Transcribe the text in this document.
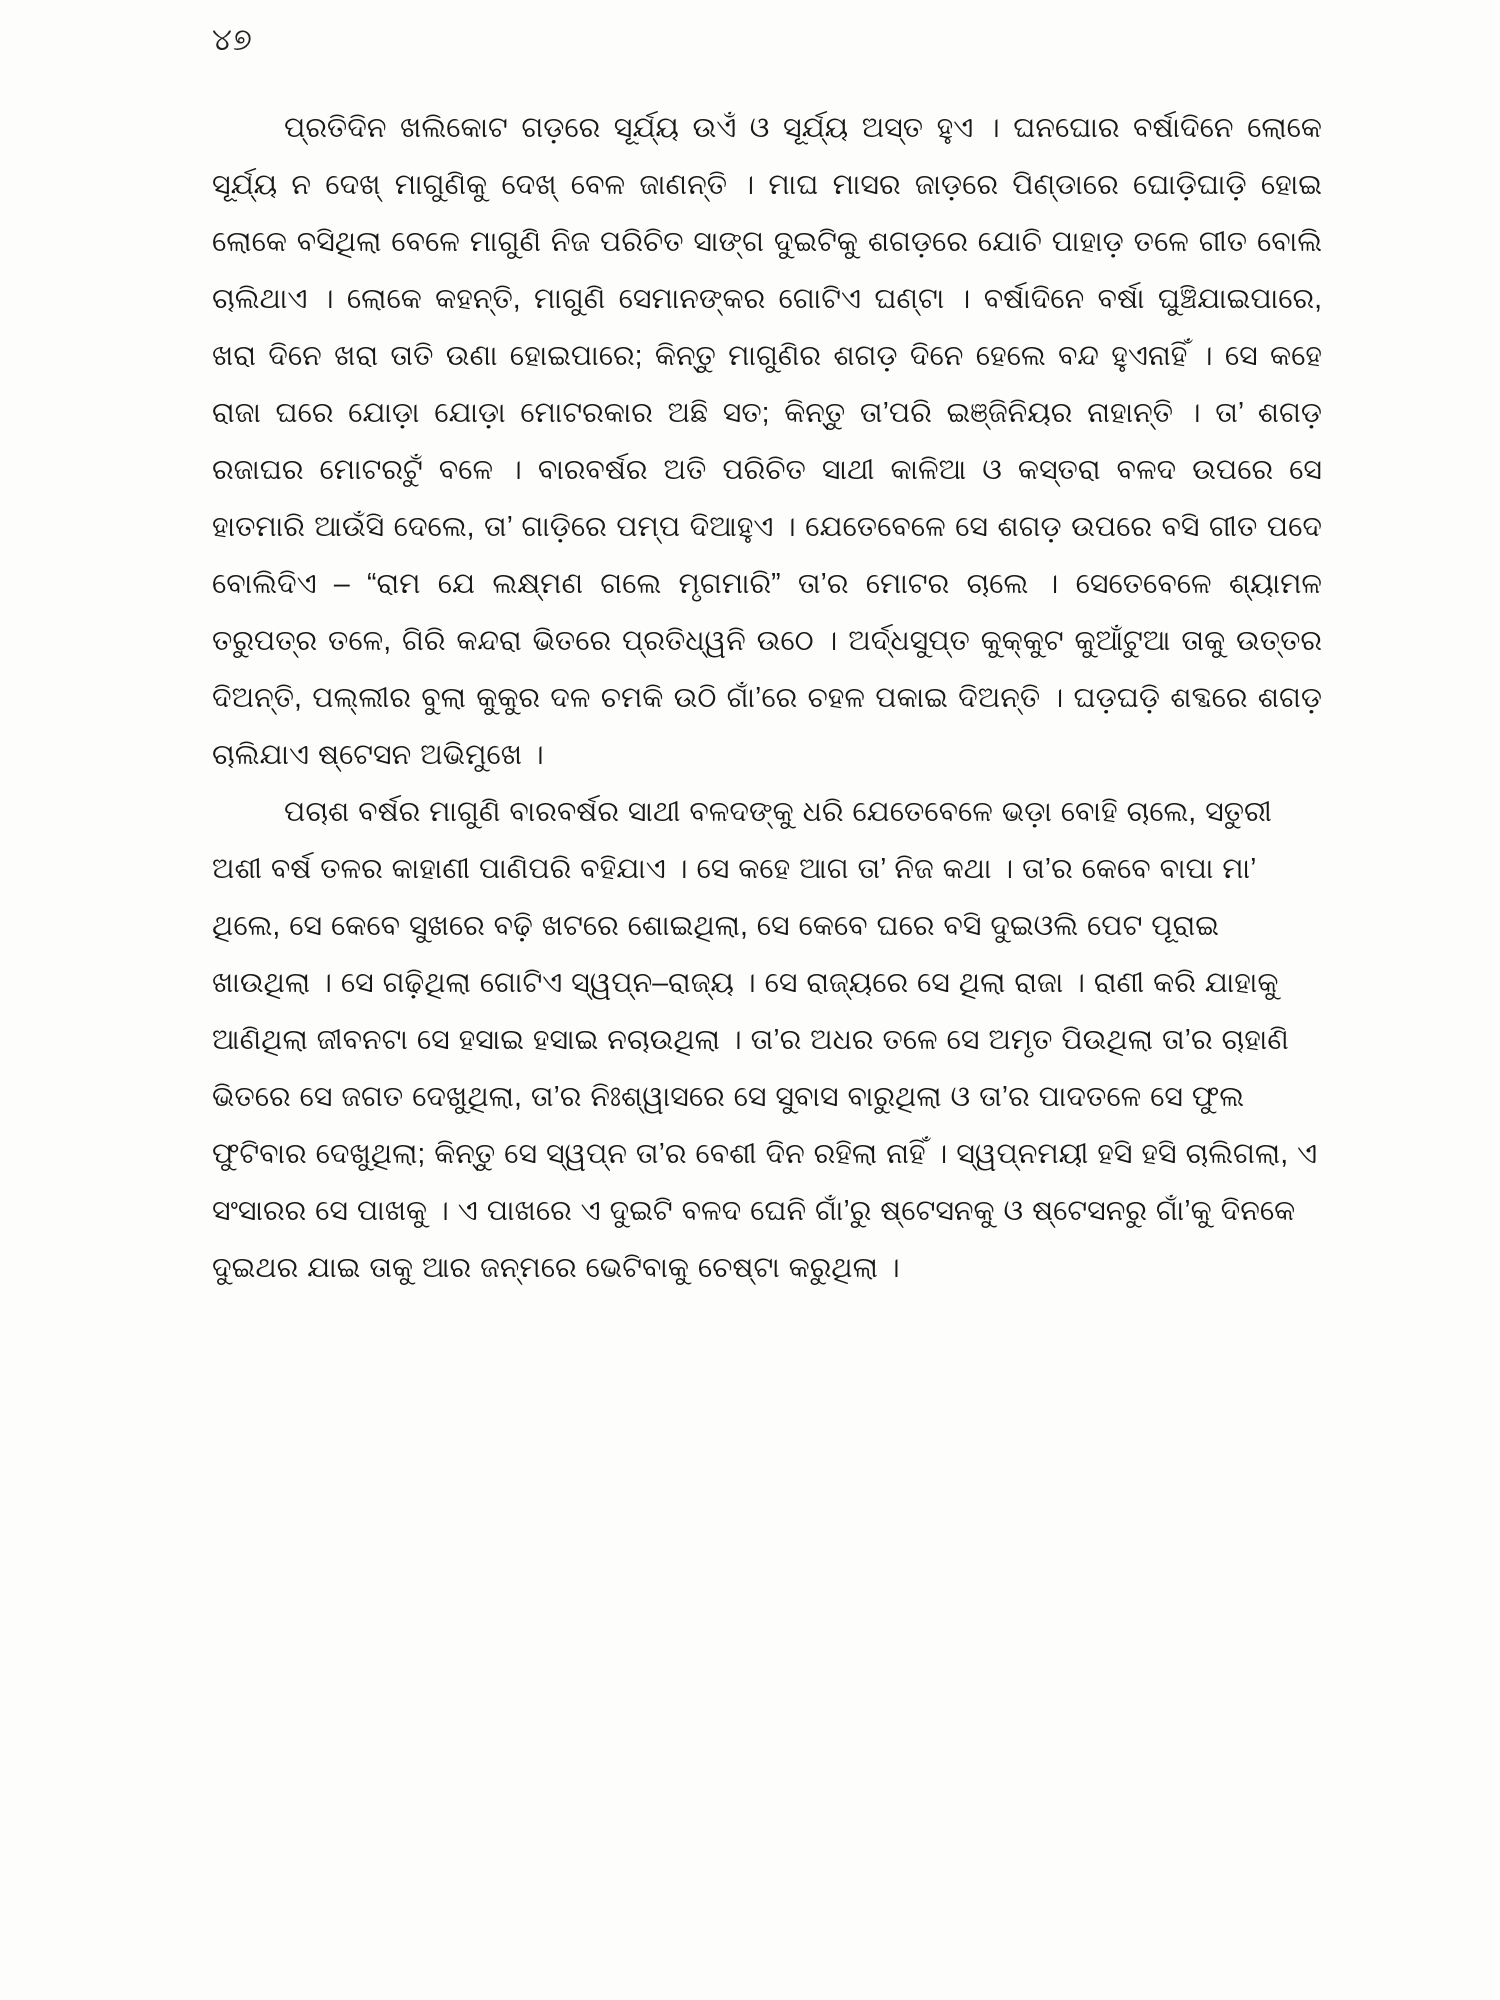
୪୭

ପ୍ରତିଦିନ ଖଲିକୋଟ ଗଡ଼ରେ ସୂର୍ଯ୍ୟ ଉଏଁ ଓ ସୂର୍ଯ୍ୟ ଅସ୍ତ ହୁଏ । ଘନଘୋର ବର୍ଷାଦିନେ ଲୋକେ ସୂର୍ଯ୍ୟ ନ ଦେଖ୍ ମାଗୁଣିକୁ ଦେଖ୍ ବେଳ ଜାଣନ୍ତି । ମାଘ ମାସର ଜାଡ଼ରେ ପିଣ୍ଡାରେ ଘୋଡ଼ିଘାଡ଼ି ହୋଇ ଲୋକେ ବସିଥିଲା ବେଳେ ମାଗୁଣି ନିଜ ପରିଚିତ ସାଙ୍ଗ ଦୁଇଟିକୁ ଶଗଡ଼ରେ ଯୋଚି ପାହାଡ଼ ତଳେ ଗୀତ ବୋଲି ଚାଲିଥାଏ । ଲୋକେ କହନ୍ତି, ମାଗୁଣି ସେମାନଙ୍କର ଗୋଟିଏ ଘଣ୍ଟା । ବର୍ଷାଦିନେ ବର୍ଷା ଘୁଞ୍ଚିଯାଇପାରେ, ଖରା ଦିନେ ଖରା ତାତି ଉଣା ହୋଇପାରେ; କିନ୍ତୁ ମାଗୁଣିର ଶଗଡ଼ ଦିନେ ହେଲେ ବନ୍ଦ ହୁଏନାହିଁ । ସେ କହେ ରାଜା ଘରେ ଯୋଡ଼ା ଯୋଡ଼ା ମୋଟରକାର ଅଛି ସତ; କିନ୍ତୁ ତା’ପରି ଇଞ୍ଜିନିୟର ନାହାନ୍ତି । ତା’ ଶଗଡ଼ ରଜାଘର ମୋଟରଟୁଁ ବଳେ । ବାରବର୍ଷର ଅତି ପରିଚିତ ସାଥୀ କାଳିଆ ଓ କସ୍ତରା ବଳଦ ଉପରେ ସେ ହାତମାରି ଆଉଁସି ଦେଲେ, ତା’ ଗାଡ଼ିରେ ପମ୍ପ ଦିଆହୁଏ । ଯେତେବେଳେ ସେ ଶଗଡ଼ ଉପରେ ବସି ଗୀତ ପଦେ ବୋଲିଦିଏ – “ରାମ ଯେ ଲକ୍ଷ୍ମଣ ଗଲେ ମୃଗମାରି” ତା’ର ମୋଟର ଚାଲେ । ସେତେବେଳେ ଶ୍ୟାମଳ ତରୁପତ୍ର ତଳେ, ଗିରି କନ୍ଦରା ଭିତରେ ପ୍ରତିଧ୍ୱନି ଉଠେ । ଅର୍ଦ୍ଧସୁପ୍ତ କୁକ୍କୁଟ କୁଆଁଟୁଆ ତାକୁ ଉତ୍ତର ଦିଅନ୍ତି, ପଲ୍ଲୀର ବୁଲା କୁକୁର ଦଳ ଚମକି ଉଠି ଗାଁ’ରେ ଚହଳ ପକାଇ ଦିଅନ୍ତି । ଘଡ଼ଘଡ଼ି ଶବ୍ଦରେ ଶଗଡ଼ ଚାଲିଯାଏ ଷ୍ଟେସନ ଅଭିମୁଖେ ।

ପଚାଶ ବର୍ଷର ମାଗୁଣି ବାରବର୍ଷର ସାଥୀ ବଳଦଙ୍କୁ ଧରି ଯେତେବେଳେ ଭଡ଼ା ବୋହି ଚାଲେ, ସତୁରୀ ଅଶୀ ବର୍ଷ ତଳର କାହାଣୀ ପାଣିପରି ବହିଯାଏ । ସେ କହେ ଆଗ ତା’ ନିଜ କଥା । ତା’ର କେବେ ବାପା ମା’ ଥିଲେ, ସେ କେବେ ସୁଖରେ ବଢ଼ି ଖଟରେ ଶୋଇଥିଲା, ସେ କେବେ ଘରେ ବସି ଦୁଇଓଲି ପେଟ ପୂରାଇ ଖାଉଥିଲା । ସେ ଗଢ଼ିଥିଲା ଗୋଟିଏ ସ୍ୱପ୍ନ–ରାଜ୍ୟ । ସେ ରାଜ୍ୟରେ ସେ ଥିଲା ରାଜା । ରାଣୀ କରି ଯାହାକୁ ଆଣିଥିଲା ଜୀବନଟା ସେ ହସାଇ ହସାଇ ନଚାଉଥିଲା । ତା’ର ଅଧର ତଳେ ସେ ଅମୃତ ପିଉଥିଲା ତା’ର ଚାହାଣି ଭିତରେ ସେ ଜଗତ ଦେଖୁଥିଲା, ତା’ର ନିଃଶ୍ୱାସରେ ସେ ସୁବାସ ବାରୁଥିଲା ଓ ତା’ର ପାଦତଳେ ସେ ଫୁଲ ଫୁଟିବାର ଦେଖୁଥିଲା; କିନ୍ତୁ ସେ ସ୍ୱପ୍ନ ତା’ର ବେଶୀ ଦିନ ରହିଲା ନାହିଁ । ସ୍ୱପ୍ନମୟୀ ହସି ହସି ଚାଲିଗଲା, ଏ ସଂସାରର ସେ ପାଖକୁ । ଏ ପାଖରେ ଏ ଦୁଇଟି ବଳଦ ଘେନି ଗାଁ’ରୁ ଷ୍ଟେସନକୁ ଓ ଷ୍ଟେସନରୁ ଗାଁ’କୁ ଦିନକେ ଦୁଇଥର ଯାଇ ତାକୁ ଆର ଜନ୍ମରେ ଭେଟିବାକୁ ଚେଷ୍ଟା କରୁଥିଲା ।
